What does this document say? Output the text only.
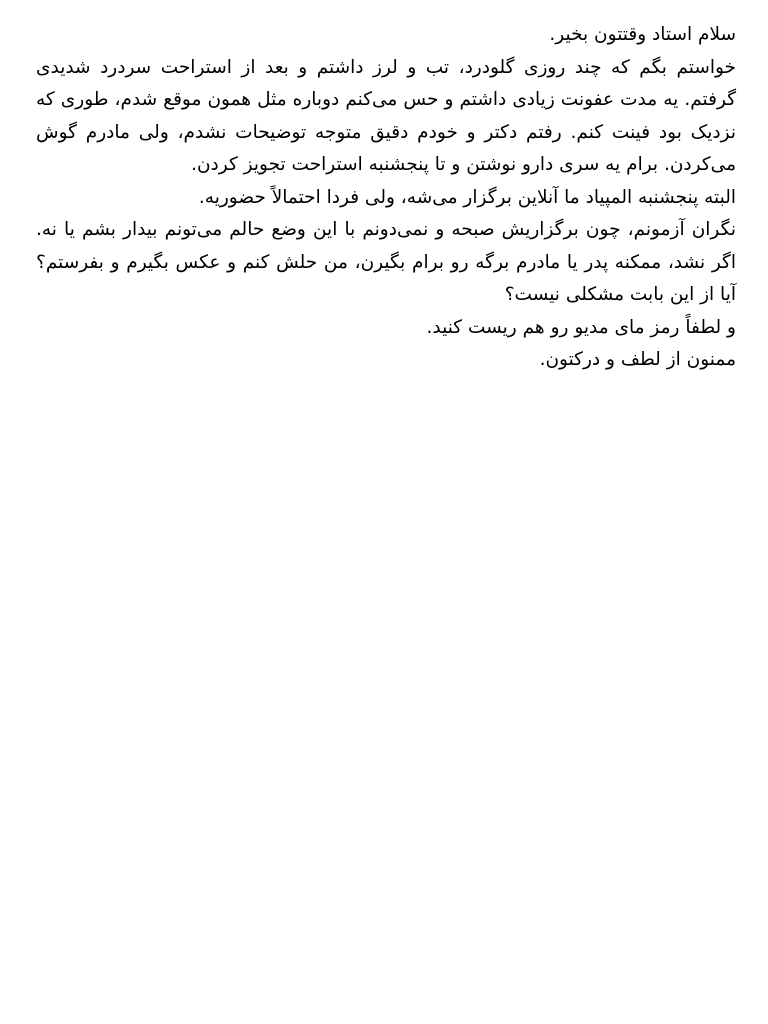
سلام استاد وقتتون بخیر.

خواستم بگم که چند روزی گلودرد، تب و لرز داشتم و بعد از استراحت سردرد شدیدی گرفتم. یه مدت عفونت زیادی داشتم و حس می‌کنم دوباره مثل همون موقع شدم، طوری که نزدیک بود فینت کنم. رفتم دکتر و خودم دقیق متوجه توضیحات نشدم، ولی مادرم گوش می‌کردن. برام یه سری دارو نوشتن و تا پنجشنبه استراحت تجویز کردن.

البته پنجشنبه المپیاد ما آنلاین برگزار می‌شه، ولی فردا احتمالاً حضوریه.

نگران آزمونم، چون برگزاریش صبحه و نمی‌دونم با این وضع حالم می‌تونم بیدار بشم یا نه. اگر نشد، ممکنه پدر یا مادرم برگه رو برام بگیرن، من حلش کنم و عکس بگیرم و بفرستم؟ آیا از این بابت مشکلی نیست؟

و لطفاً رمز مای مدیو رو هم ریست کنید.

ممنون از لطف و درکتون.
